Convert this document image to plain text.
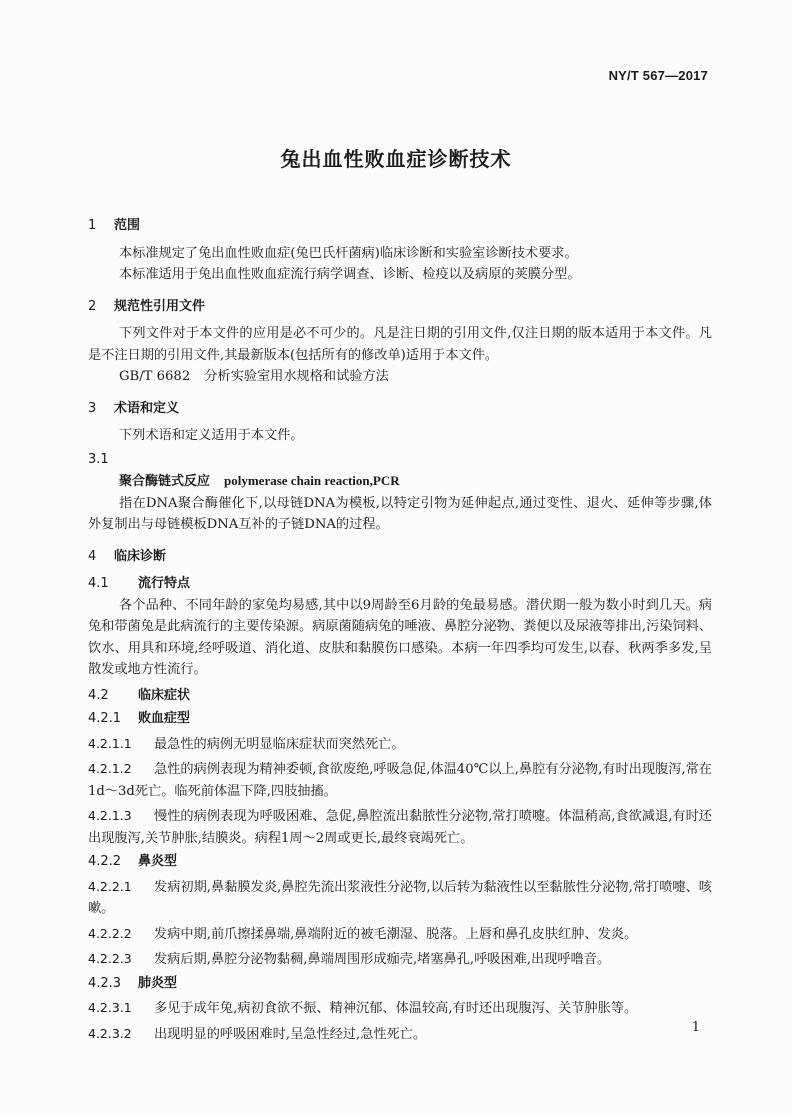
NY/T 567—2017
兔出血性败血症诊断技术
1 范围

本标准规定了兔出血性败血症(兔巴氏杆菌病)临床诊断和实验室诊断技术要求。

本标准适用于兔出血性败血症流行病学调查、诊断、检疫以及病原的荚膜分型。

2 规范性引用文件

下列文件对于本文件的应用是必不可少的。凡是注日期的引用文件,仅注日期的版本适用于本文件。凡是不注日期的引用文件,其最新版本(包括所有的修改单)适用于本文件。

GB/T 6682 分析实验室用水规格和试验方法
3 术语和定义

下列术语和定义适用于本文件。

3.1
聚合酶链式反应 polymerase chain reaction,PCR

指在DNA聚合酶催化下,以母链DNA为模板,以特定引物为延伸起点,通过变性、退火、延伸等步骤,体外复制出与母链模板DNA互补的子链DNA的过程。

4 临床诊断
4.1 流行特点

各个品种、不同年龄的家兔均易感,其中以9周龄至6月龄的兔最易感。潜伏期一般为数小时到几天。病兔和带菌兔是此病流行的主要传染源。病原菌随病兔的唾液、鼻腔分泌物、粪便以及尿液等排出,污染饲料、饮水、用具和环境,经呼吸道、消化道、皮肤和黏膜伤口感染。本病一年四季均可发生,以春、秋两季多发,呈散发或地方性流行。

4.2 临床症状
4.2.1 败血症型
4.2.1.1 最急性的病例无明显临床症状而突然死亡。
4.2.1.2 急性的病例表现为精神委顿,食欲废绝,呼吸急促,体温40℃以上,鼻腔有分泌物,有时出现腹泻,常在1d～3d死亡。临死前体温下降,四肢抽搐。
4.2.1.3 慢性的病例表现为呼吸困难、急促,鼻腔流出黏脓性分泌物,常打喷嚏。体温稍高,食欲减退,有时还出现腹泻,关节肿胀,结膜炎。病程1周～2周或更长,最终衰竭死亡。
4.2.2 鼻炎型
4.2.2.1 发病初期,鼻黏膜发炎,鼻腔先流出浆液性分泌物,以后转为黏液性以至黏脓性分泌物,常打喷嚏、咳嗽。
4.2.2.2 发病中期,前爪擦揉鼻端,鼻端附近的被毛潮湿、脱落。上唇和鼻孔皮肤红肿、发炎。
4.2.2.3 发病后期,鼻腔分泌物黏稠,鼻端周围形成痂壳,堵塞鼻孔,呼吸困难,出现呼噜音。
4.2.3 肺炎型
4.2.3.1 多见于成年兔,病初食欲不振、精神沉郁、体温较高,有时还出现腹泻、关节肿胀等。
4.2.3.2 出现明显的呼吸困难时,呈急性经过,急性死亡。	1
